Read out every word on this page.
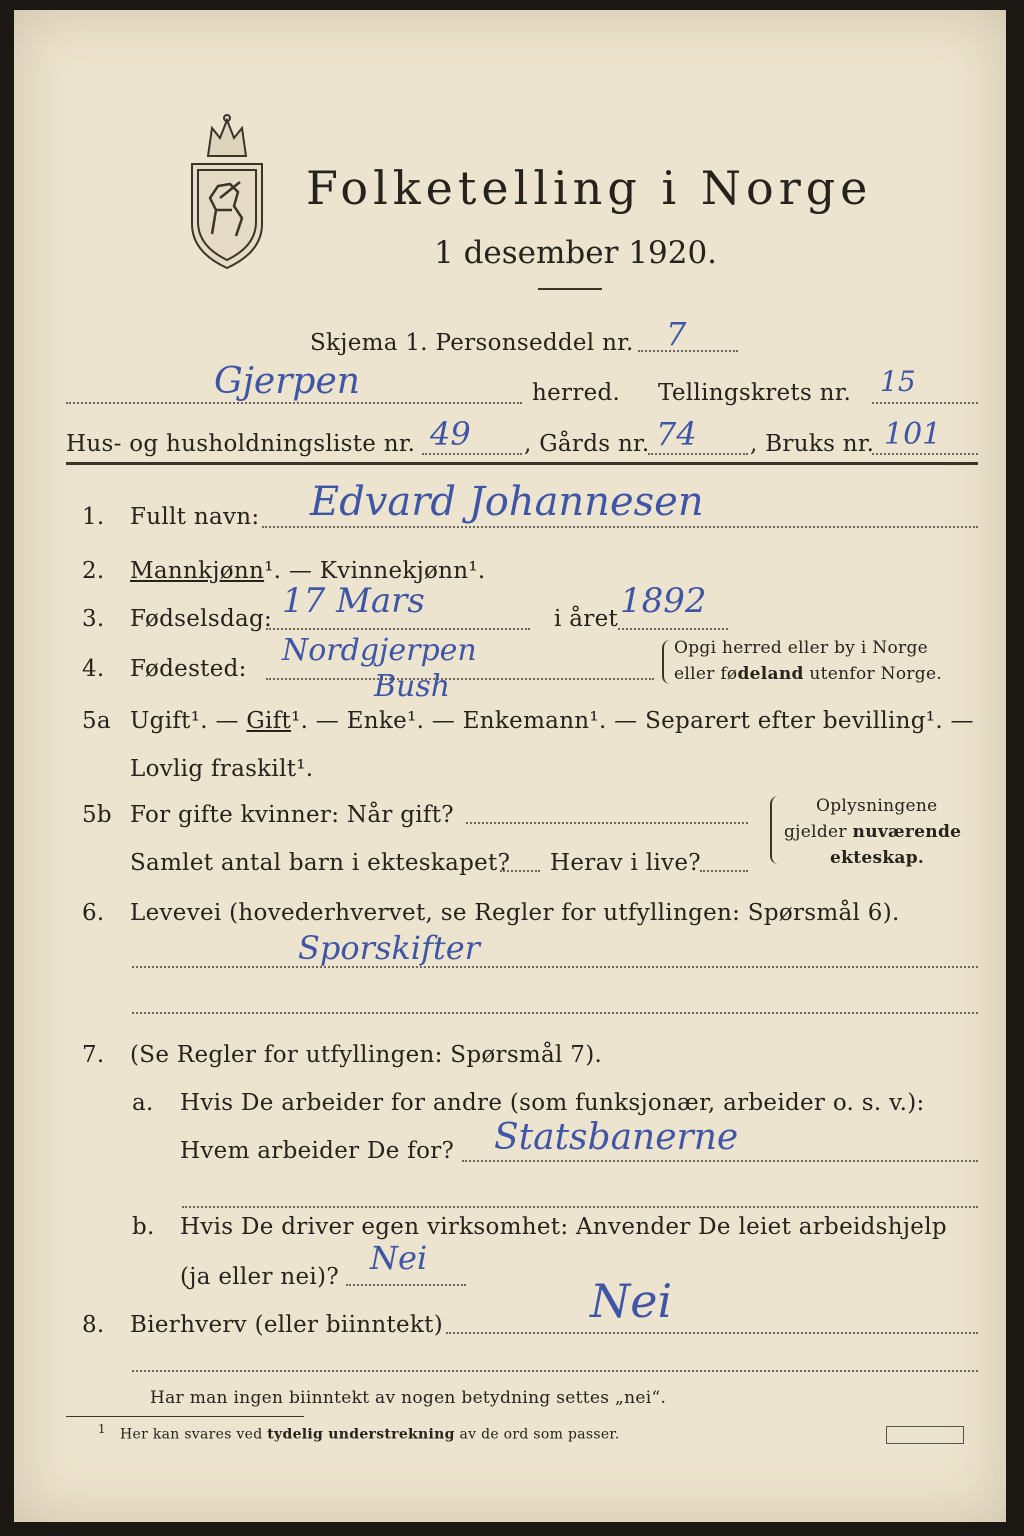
Folketelling i Norge
1 desember 1920.
Skjema 1. Personseddel nr. 7
Gjerpen	herred. Tellingskrets nr. 15
Hus- og husholdningsliste nr. 49 , Gårds nr. 74 , Bruks nr. 101
1. Fullt navn: Edvard Johannesen
2. Mannkjønn¹. — Kvinnekjønn¹.
3. Fødselsdag: 17 Mars	i året 1892
4. Fødested:
Nordgjerpen
Bush
Opgi herred eller by i Norge
eller fødeland utenfor Norge.
5a Ugift¹. — Gift¹. — Enke¹. — Enkemann¹. — Separert efter bevilling¹. —
Lovlig fraskilt¹.
5b For gifte kvinner: Når gift?
Samlet antal barn i ekteskapet? Herav i live?
Oplysningene
gjelder nuværende
ekteskap.
6. Levevei (hovederhvervet, se Regler for utfyllingen: Spørsmål 6).
Sporskifter
7. (Se Regler for utfyllingen: Spørsmål 7).
a. Hvis De arbeider for andre (som funksjonær, arbeider o. s. v.):
Hvem arbeider De for? Statsbanerne
b. Hvis De driver egen virksomhet: Anvender De leiet arbeidshjelp
(ja eller nei)? Nei
8. Bierhverv (eller biinntekt)	Nei
Har man ingen biinntekt av nogen betydning settes „nei“.
$^1$ Her kan svares ved tydelig understrekning av de ord som passer.
